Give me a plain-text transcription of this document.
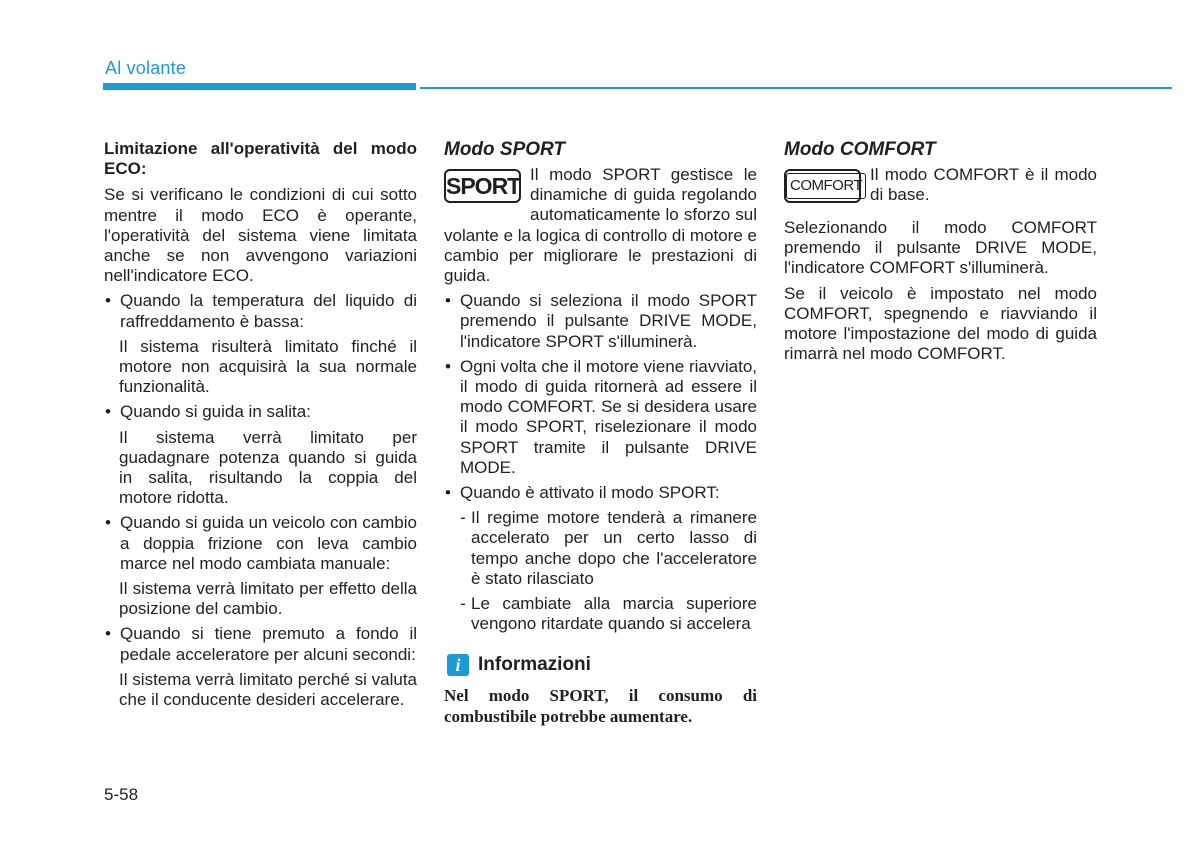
Al volante

Limitazione all'operatività del modo ECO:

Se si verificano le condizioni di cui sotto mentre il modo ECO è operante, l'operatività del sistema viene limitata anche se non avvengono variazioni nell'indicatore ECO.

• Quando la temperatura del liquido di raffreddamento è bassa:

Il sistema risulterà limitato finché il motore non acquisirà la sua normale funzionalità.

• Quando si guida in salita:

Il sistema verrà limitato per guadagnare potenza quando si guida in salita, risultando la coppia del motore ridotta.

• Quando si guida un veicolo con cambio a doppia frizione con leva cambio marce nel modo cambiata manuale:

Il sistema verrà limitato per effetto della posizione del cambio.

• Quando si tiene premuto a fondo il pedale acceleratore per alcuni secondi:

Il sistema verrà limitato perché si valuta che il conducente desideri accelerare.

Modo SPORT

SPORT Il modo SPORT gestisce le dinamiche di guida regolando automaticamente lo sforzo sul volante e la logica di controllo di motore e cambio per migliorare le prestazioni di guida.

• Quando si seleziona il modo SPORT premendo il pulsante DRIVE MODE, l'indicatore SPORT s'illuminerà.
• Ogni volta che il motore viene riavviato, il modo di guida ritornerà ad essere il modo COMFORT. Se si desidera usare il modo SPORT, riselezionare il modo SPORT tramite il pulsante DRIVE MODE.
• Quando è attivato il modo SPORT:
- Il regime motore tenderà a rimanere accelerato per un certo lasso di tempo anche dopo che l'acceleratore è stato rilasciato
- Le cambiate alla marcia superiore vengono ritardate quando si accelera
i Informazioni

Nel modo SPORT, il consumo di combustibile potrebbe aumentare.

Modo COMFORT

COMFORT
Il modo COMFORT è il modo di base.

Selezionando il modo COMFORT premendo il pulsante DRIVE MODE, l'indicatore COMFORT s'illuminerà.

Se il veicolo è impostato nel modo COMFORT, spegnendo e riavviando il motore l'impostazione del modo di guida rimarrà nel modo COMFORT.

5-58
